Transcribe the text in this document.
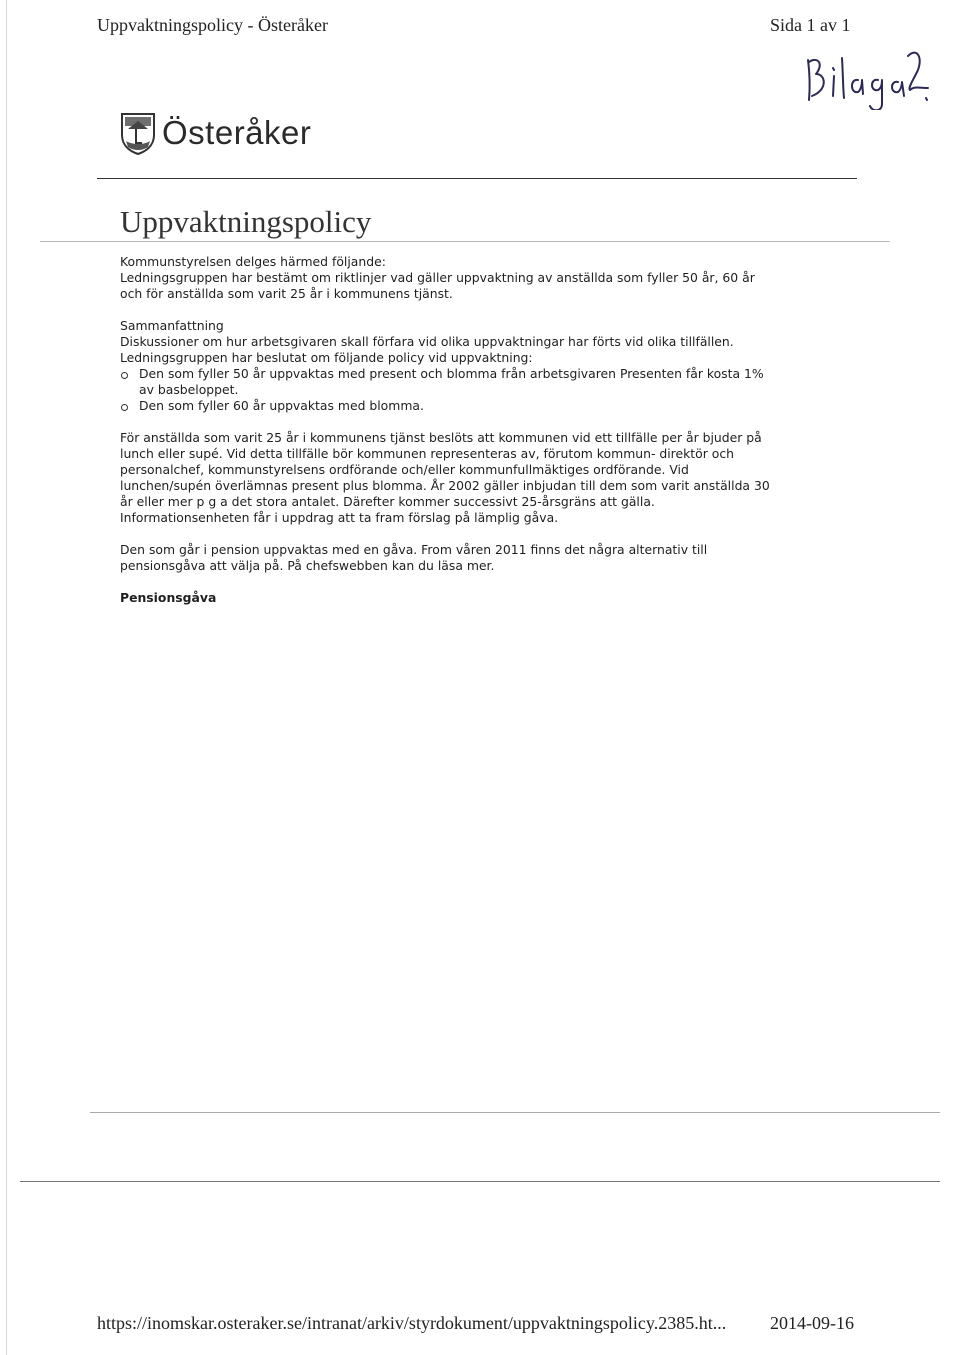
Uppvaktningspolicy - Österåker	Sida 1 av 1
Österåker
Uppvaktningspolicy

Kommunstyrelsen delges härmed följande:

Ledningsgruppen har bestämt om riktlinjer vad gäller uppvaktning av anställda som fyller 50 år, 60 år

och för anställda som varit 25 år i kommunens tjänst.

Sammanfattning

Diskussioner om hur arbetsgivaren skall förfara vid olika uppvaktningar har förts vid olika tillfällen.

Ledningsgruppen har beslutat om följande policy vid uppvaktning:

Den som fyller 50 år uppvaktas med present och blomma från arbetsgivaren Presenten får kosta 1%
av basbeloppet.
Den som fyller 60 år uppvaktas med blomma.

För anställda som varit 25 år i kommunens tjänst beslöts att kommunen vid ett tillfälle per år bjuder på

lunch eller supé. Vid detta tillfälle bör kommunen representeras av, förutom kommun- direktör och

personalchef, kommunstyrelsens ordförande och/eller kommunfullmäktiges ordförande. Vid

lunchen/supén överlämnas present plus blomma. År 2002 gäller inbjudan till dem som varit anställda 30

år eller mer p g a det stora antalet. Därefter kommer successivt 25-årsgräns att gälla.

Informationsenheten får i uppdrag att ta fram förslag på lämplig gåva.

Den som går i pension uppvaktas med en gåva. From våren 2011 finns det några alternativ till

pensionsgåva att välja på. På chefswebben kan du läsa mer.

Pensionsgåva

https://inomskar.osteraker.se/intranat/arkiv/styrdokument/uppvaktningspolicy.2385.ht... 2014-09-16
